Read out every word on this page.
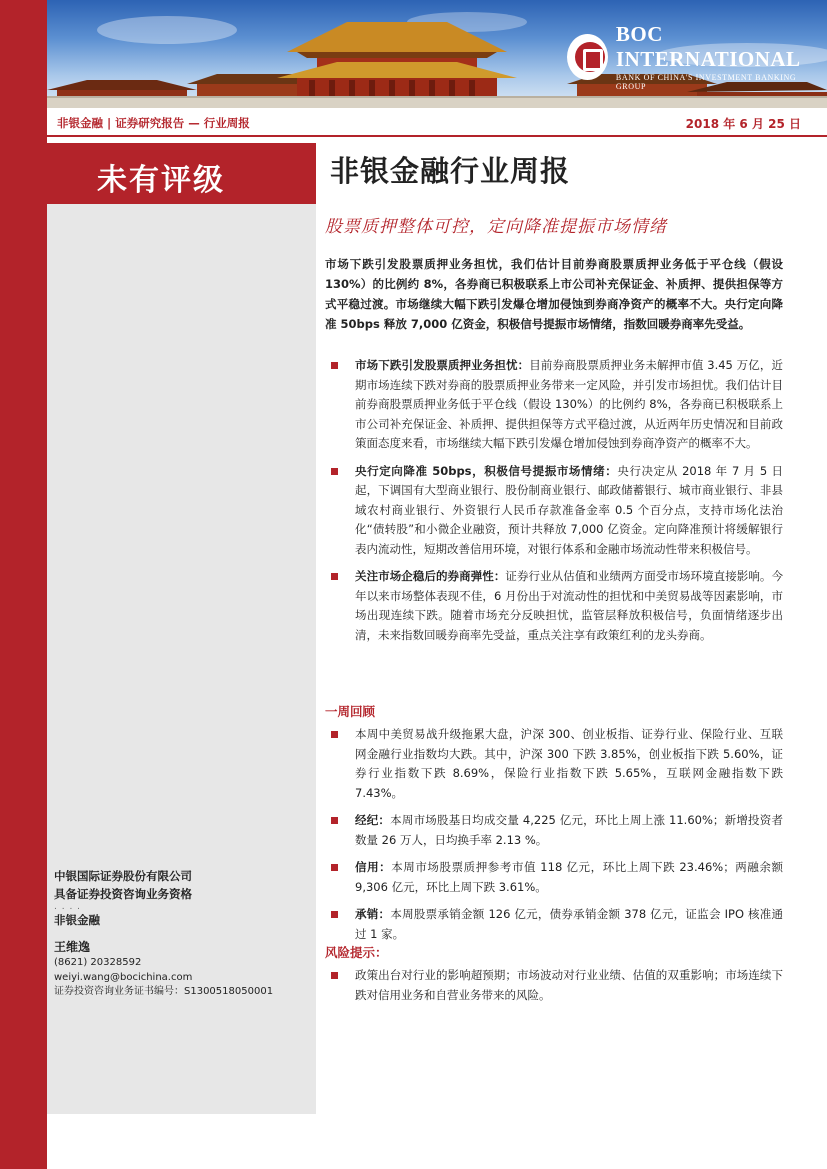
BOC INTERNATIONAL
BANK OF CHINA'S INVESTMENT BANKING GROUP
非银金融 | 证券研究报告 — 行业周报	2018 年 6 月 25 日
未有评级
中银国际证券股份有限公司
具备证券投资咨询业务资格
. . . .
非银金融
王维逸
(8621) 20328592
weiyi.wang@bocichina.com
证券投资咨询业务证书编号：S1300518050001
非银金融行业周报
股票质押整体可控，定向降准提振市场情绪
市场下跌引发股票质押业务担忧，我们估计目前券商股票质押业务低于平仓线（假设 130%）的比例约 8%，各券商已积极联系上市公司补充保证金、补质押、提供担保等方式平稳过渡。市场继续大幅下跌引发爆仓增加侵蚀到券商净资产的概率不大。央行定向降准 50bps 释放 7,000 亿资金，积极信号提振市场情绪，指数回暖券商率先受益。
市场下跌引发股票质押业务担忧：目前券商股票质押业务未解押市值 3.45 万亿，近期市场连续下跌对券商的股票质押业务带来一定风险，并引发市场担忧。我们估计目前券商股票质押业务低于平仓线（假设 130%）的比例约 8%，各券商已积极联系上市公司补充保证金、补质押、提供担保等方式平稳过渡，从近两年历史情况和目前政策面态度来看，市场继续大幅下跌引发爆仓增加侵蚀到券商净资产的概率不大。
央行定向降准 50bps，积极信号提振市场情绪：央行决定从 2018 年 7 月 5 日起，下调国有大型商业银行、股份制商业银行、邮政储蓄银行、城市商业银行、非县域农村商业银行、外资银行人民币存款准备金率 0.5 个百分点，支持市场化法治化“债转股”和小微企业融资，预计共释放 7,000 亿资金。定向降准预计将缓解银行表内流动性，短期改善信用环境，对银行体系和金融市场流动性带来积极信号。
关注市场企稳后的券商弹性：证券行业从估值和业绩两方面受市场环境直接影响。今年以来市场整体表现不佳，6 月份出于对流动性的担忧和中美贸易战等因素影响，市场出现连续下跌。随着市场充分反映担忧，监管层释放积极信号，负面情绪逐步出清，未来指数回暖券商率先受益，重点关注享有政策红利的龙头券商。
一周回顾
本周中美贸易战升级拖累大盘，沪深 300、创业板指、证券行业、保险行业、互联网金融行业指数均大跌。其中，沪深 300 下跌 3.85%，创业板指下跌 5.60%，证券行业指数下跌 8.69%，保险行业指数下跌 5.65%，互联网金融指数下跌 7.43%。
经纪：本周市场股基日均成交量 4,225 亿元，环比上周上涨 11.60%；新增投资者数量 26 万人，日均换手率 2.13 %。
信用：本周市场股票质押参考市值 118 亿元，环比上周下跌 23.46%；两融余额 9,306 亿元，环比上周下跌 3.61%。
承销：本周股票承销金额 126 亿元，债券承销金额 378 亿元，证监会 IPO 核准通过 1 家。
风险提示：
政策出台对行业的影响超预期；市场波动对行业业绩、估值的双重影响；市场连续下跌对信用业务和自营业务带来的风险。
